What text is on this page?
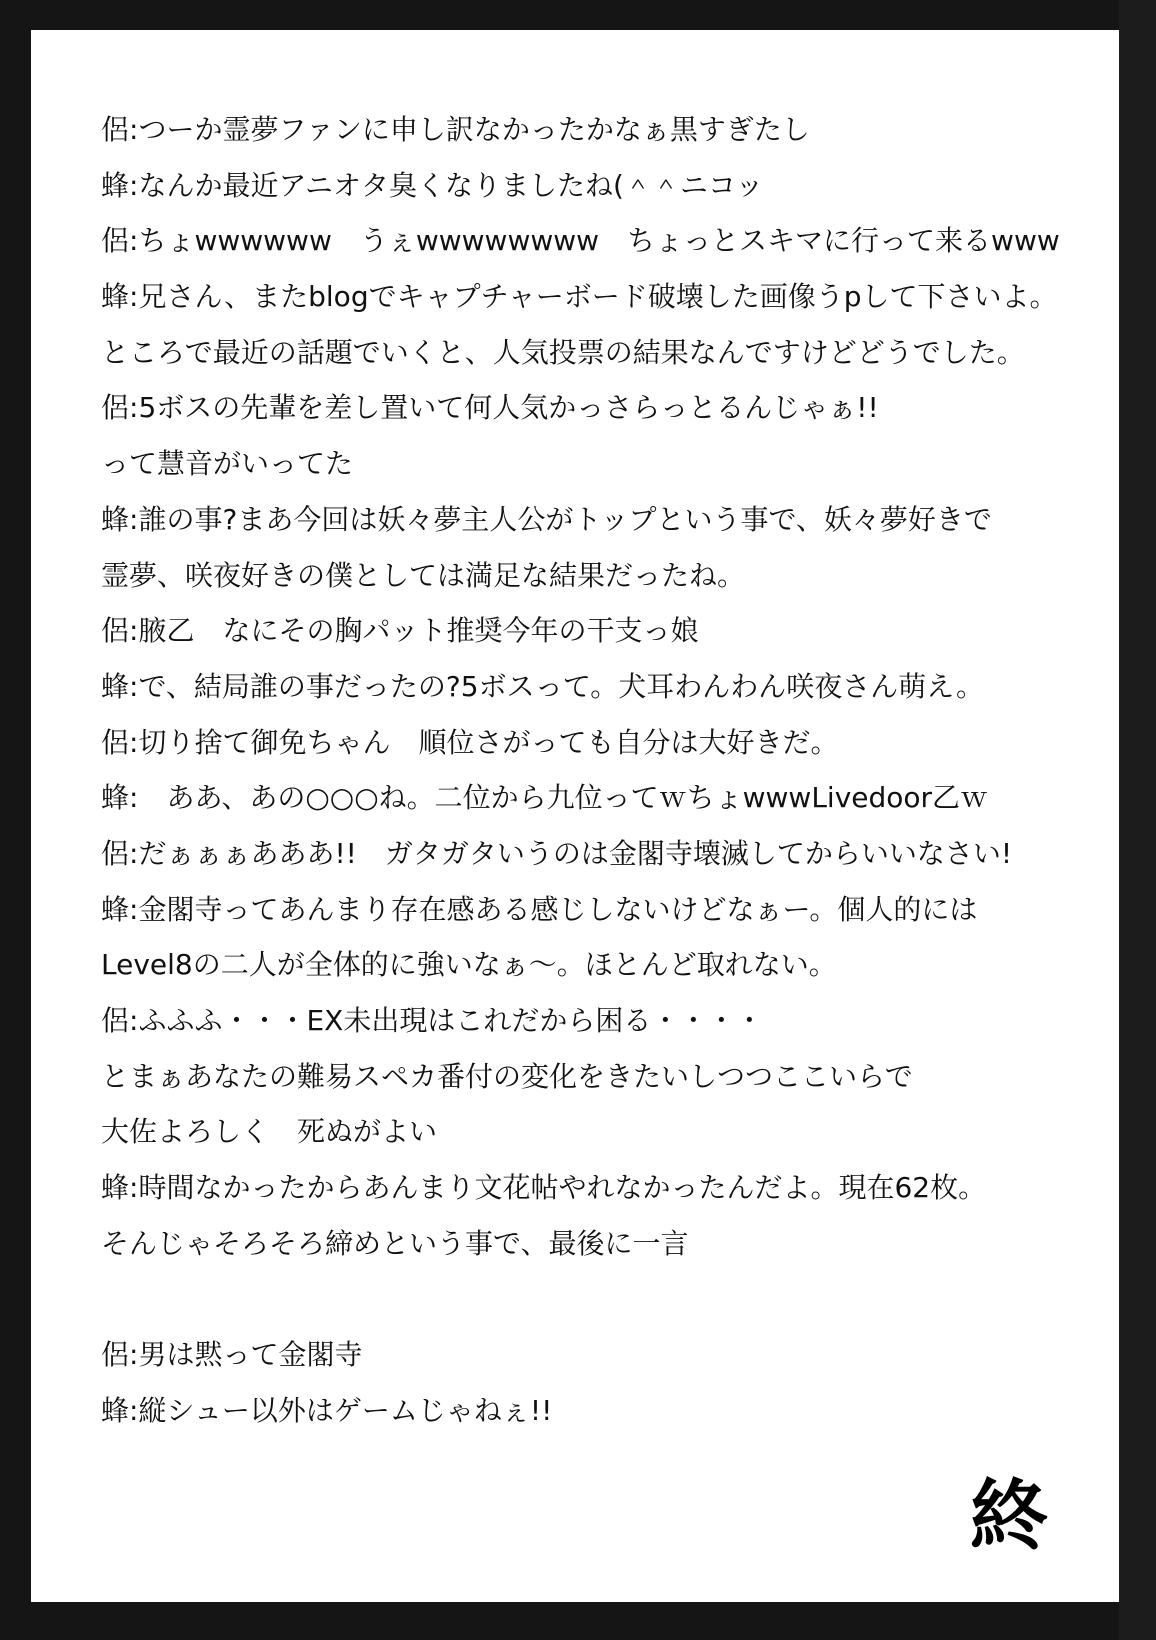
侶:つーか霊夢ファンに申し訳なかったかなぁ黒すぎたし
蜂:なんか最近アニオタ臭くなりましたね(＾＾ニコッ
侶:ちょwwwwww　うぇwwwwwwww　ちょっとスキマに行って来るwww
蜂:兄さん、またblogでキャプチャーボード破壊した画像うpして下さいよ。
ところで最近の話題でいくと、人気投票の結果なんですけどどうでした。
侶:5ボスの先輩を差し置いて何人気かっさらっとるんじゃぁ!!
って慧音がいってた
蜂:誰の事?まあ今回は妖々夢主人公がトップという事で、妖々夢好きで
霊夢、咲夜好きの僕としては満足な結果だったね。
侶:腋乙　なにその胸パット推奨今年の干支っ娘
蜂:で、結局誰の事だったの?5ボスって。犬耳わんわん咲夜さん萌え。
侶:切り捨て御免ちゃん　順位さがっても自分は大好きだ。
蜂:　ああ、あの○○○ね。二位から九位ってｗちょwwwLivedoor乙ｗ
侶:だぁぁぁあああ!!　ガタガタいうのは金閣寺壊滅してからいいなさい!
蜂:金閣寺ってあんまり存在感ある感じしないけどなぁー。個人的には
Level8の二人が全体的に強いなぁ～。ほとんど取れない。
侶:ふふふ・・・EX未出現はこれだから困る・・・・
とまぁあなたの難易スペカ番付の変化をきたいしつつここいらで
大佐よろしく　死ぬがよい
蜂:時間なかったからあんまり文花帖やれなかったんだよ。現在62枚。
そんじゃそろそろ締めという事で、最後に一言
侶:男は黙って金閣寺
蜂:縦シュー以外はゲームじゃねぇ!!
終
